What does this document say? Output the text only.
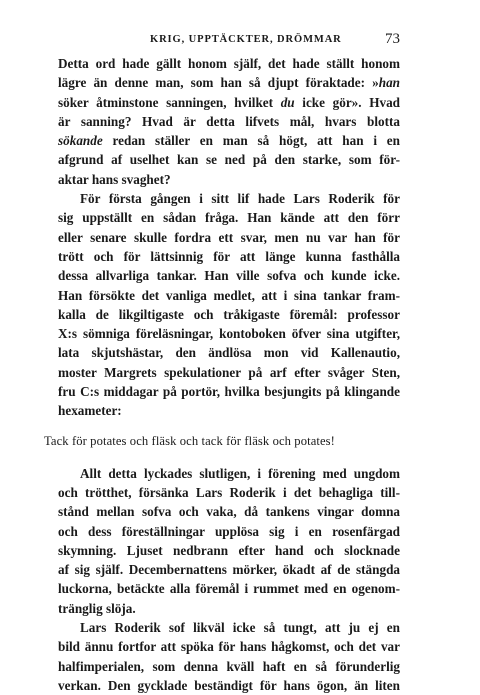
KRIG, UPPTÄCKTER, DRÖMMAR	73
Detta ord hade gällt honom själf, det hade ställt honom
lägre än denne man, som han så djupt föraktade: »han
söker åtminstone sanningen, hvilket du icke gör». Hvad
är sanning? Hvad är detta lifvets mål, hvars blotta
sökande redan ställer en man så högt, att han i en
afgrund af uselhet kan se ned på den starke, som för-
aktar hans svaghet?
För första gången i sitt lif hade Lars Roderik för
sig uppställt en sådan fråga. Han kände att den förr
eller senare skulle fordra ett svar, men nu var han för
trött och för lättsinnig för att länge kunna fasthålla
dessa allvarliga tankar. Han ville sofva och kunde icke.
Han försökte det vanliga medlet, att i sina tankar fram-
kalla de likgiltigaste och tråkigaste föremål: professor
X:s sömniga föreläsningar, kontoboken öfver sina utgifter,
lata skjutshästar, den ändlösa mon vid Kallenautio,
moster Margrets spekulationer på arf efter svåger Sten,
fru C:s middagar på portör, hvilka besjungits på klingande
hexameter:
Tack för potates och fläsk och tack för fläsk och potates!
Allt detta lyckades slutligen, i förening med ungdom
och trötthet, försänka Lars Roderik i det behagliga till-
stånd mellan sofva och vaka, då tankens vingar domna
och dess föreställningar upplösa sig i en rosenfärgad
skymning. Ljuset nedbrann efter hand och slocknade
af sig själf. Decembernattens mörker, ökadt af de stängda
luckorna, betäckte alla föremål i rummet med en ogenom-
tränglig slöja.
Lars Roderik sof likväl icke så tungt, att ju ej en
bild ännu fortfor att spöka för hans hågkomst, och det var
halfimperialen, som denna kväll haft en så förunderlig
verkan. Den gycklade beständigt för hans ögon, än liten
